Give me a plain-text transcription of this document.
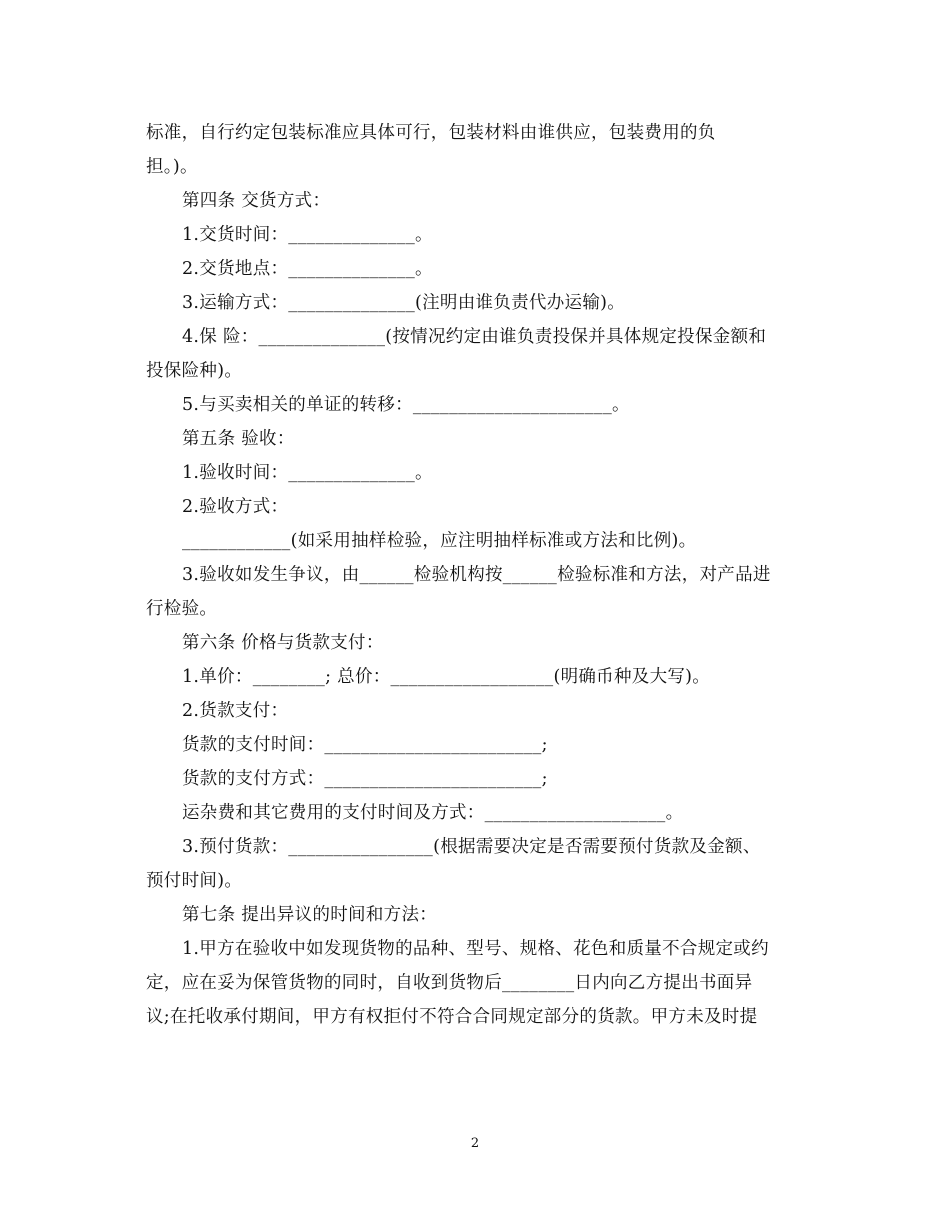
标准，自行约定包装标准应具体可行，包装材料由谁供应，包装费用的负
担。)。
第四条 交货方式：
1.交货时间：______________。
2.交货地点：______________。
3.运输方式：______________(注明由谁负责代办运输)。
4.保 险：______________(按情况约定由谁负责投保并具体规定投保金额和
投保险种)。
5.与买卖相关的单证的转移：______________________。
第五条 验收：
1.验收时间：______________。
2.验收方式：
____________(如采用抽样检验，应注明抽样标准或方法和比例)。
3.验收如发生争议，由______检验机构按______检验标准和方法，对产品进
行检验。
第六条 价格与货款支付：
1.单价：________; 总价：__________________(明确币种及大写)。
2.货款支付：
货款的支付时间：________________________;
货款的支付方式：________________________;
运杂费和其它费用的支付时间及方式：____________________。
3.预付货款：________________(根据需要决定是否需要预付货款及金额、
预付时间)。
第七条 提出异议的时间和方法：
1.甲方在验收中如发现货物的品种、型号、规格、花色和质量不合规定或约
定，应在妥为保管货物的同时，自收到货物后________日内向乙方提出书面异
议;在托收承付期间，甲方有权拒付不符合合同规定部分的货款。甲方未及时提
2
